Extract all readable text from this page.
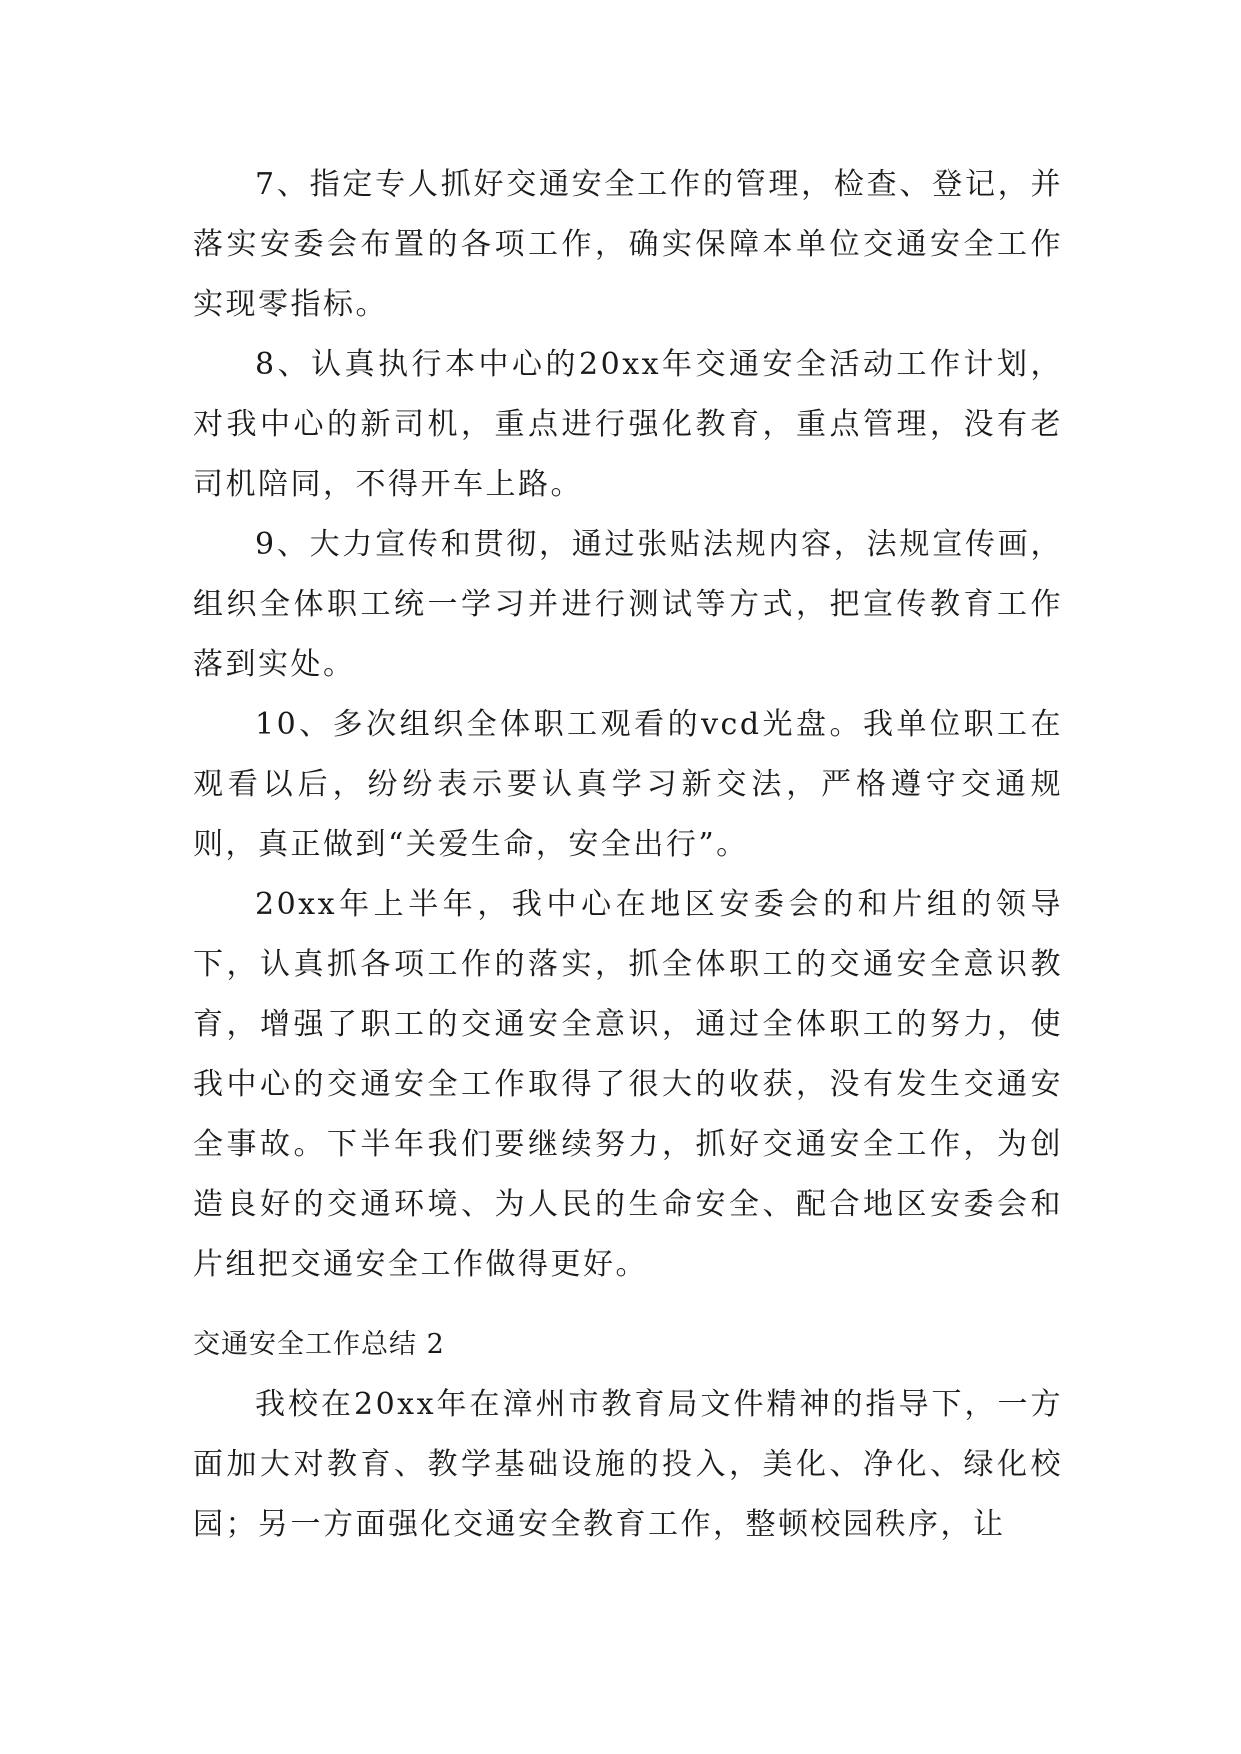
7、指定专人抓好交通安全工作的管理，检查、登记，并落实安委会布置的各项工作，确实保障本单位交通安全工作实现零指标。

8、认真执行本中心的20xx年交通安全活动工作计划，对我中心的新司机，重点进行强化教育，重点管理，没有老司机陪同，不得开车上路。

9、大力宣传和贯彻，通过张贴法规内容，法规宣传画，组织全体职工统一学习并进行测试等方式，把宣传教育工作落到实处。

10、多次组织全体职工观看的vcd光盘。我单位职工在观看以后，纷纷表示要认真学习新交法，严格遵守交通规则，真正做到“关爱生命，安全出行”。

20xx年上半年，我中心在地区安委会的和片组的领导下，认真抓各项工作的落实，抓全体职工的交通安全意识教育，增强了职工的交通安全意识，通过全体职工的努力，使我中心的交通安全工作取得了很大的收获，没有发生交通安全事故。下半年我们要继续努力，抓好交通安全工作，为创造良好的交通环境、为人民的生命安全、配合地区安委会和片组把交通安全工作做得更好。

交通安全工作总结 2

我校在20xx年在漳州市教育局文件精神的指导下，一方面加大对教育、教学基础设施的投入，美化、净化、绿化校园；另一方面强化交通安全教育工作，整顿校园秩序，让
